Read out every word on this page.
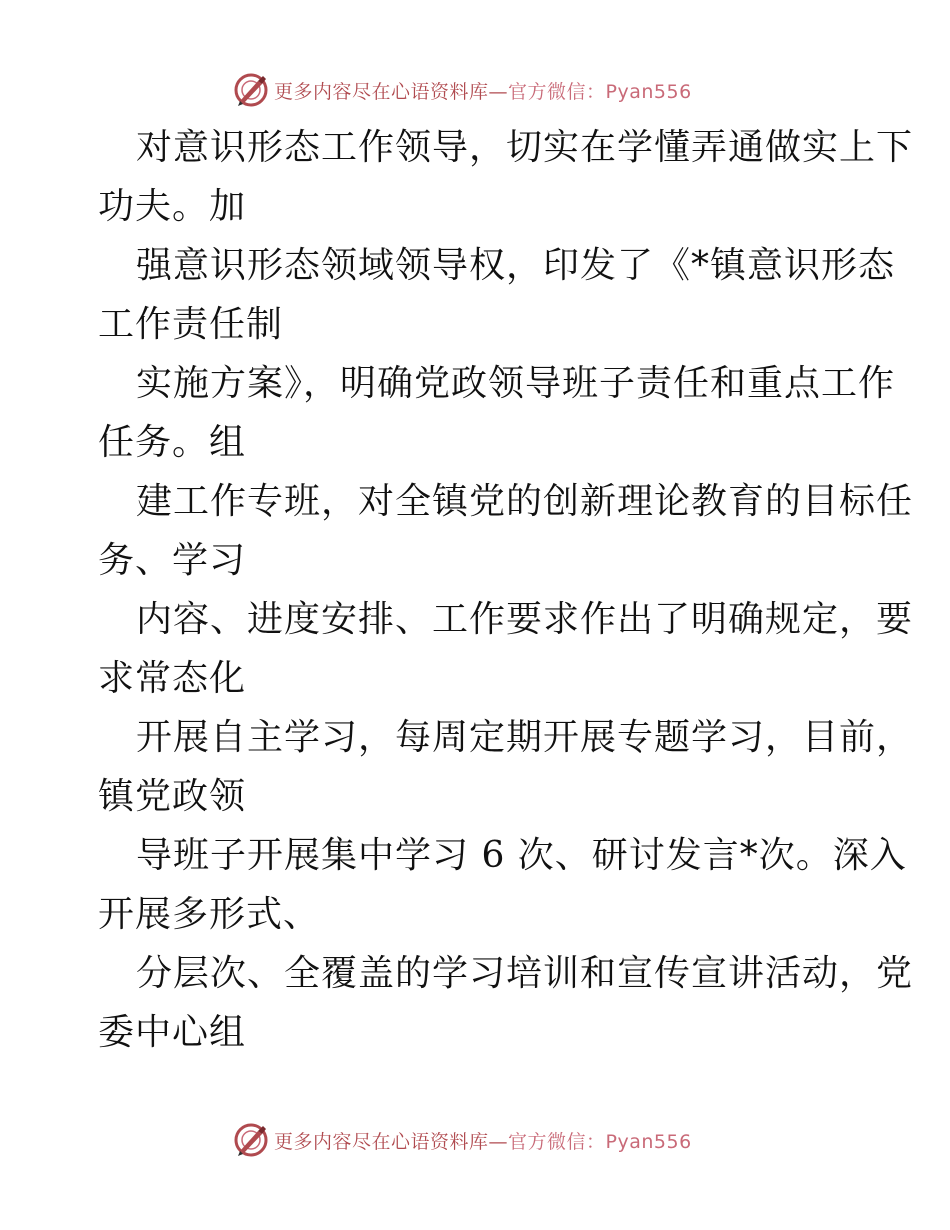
更多内容尽在心语资料库—官方微信：Pyan556
对意识形态工作领导，切实在学懂弄通做实上下
功夫。加
强意识形态领域领导权，印发了《*镇意识形态
工作责任制
实施方案》，明确党政领导班子责任和重点工作
任务。组
建工作专班，对全镇党的创新理论教育的目标任
务、学习
内容、进度安排、工作要求作出了明确规定，要
求常态化
开展自主学习，每周定期开展专题学习，目前，
镇党政领
导班子开展集中学习 6 次、研讨发言*次。深入
开展多形式、
分层次、全覆盖的学习培训和宣传宣讲活动，党
委中心组
更多内容尽在心语资料库—官方微信：Pyan556
